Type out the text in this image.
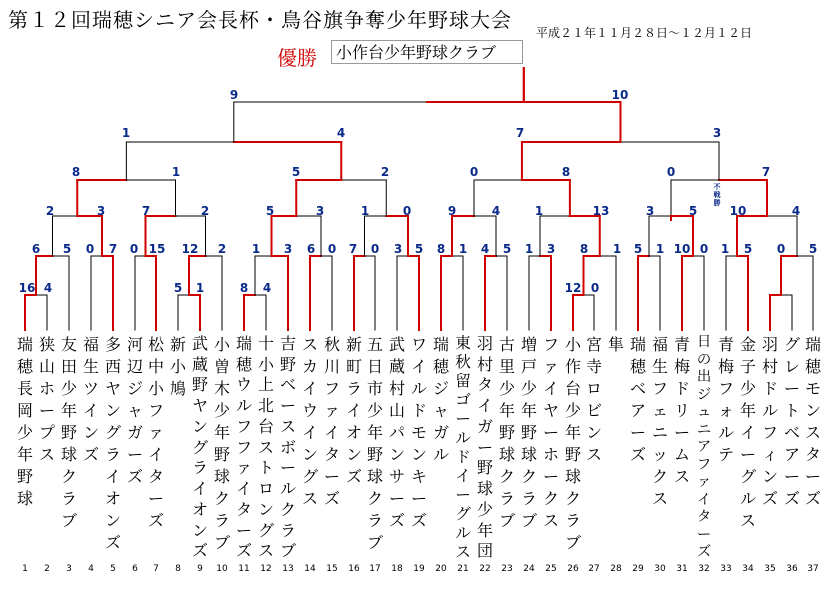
第１２回瑞穂シニア会長杯・鳥谷旗争奪少年野球大会
平成２１年１１月２８日～１２月１２日
優勝	小作台少年野球クラブ
瑞
穂
長
岡
少
年
野
球
1
狭
山
ホ
ー
プ
ス
2
友
田
少
年
野
球
ク
ラ
ブ
3
福
生
ツ
イ
ン
ズ
4
多
西
ヤ
ン
グ
ラ
イ
オ
ン
ズ
5
河
辺
ジ
ャ
ガ
ー
ズ
6
松
中
小
フ
ァ
イ
タ
ー
ズ
7
新
小
鳩
8
武
蔵
野
ヤ
ン
グ
ラ
イ
オ
ン
ズ
9
小
曽
木
少
年
野
球
ク
ラ
ブ
10
瑞
穂
ウ
ル
フ
フ
ァ
イ
タ
ー
ズ
11
十
小
上
北
台
ス
ト
ロ
ン
グ
ス
12
吉
野
ベ
ー
ス
ボ
ー
ル
ク
ラ
ブ
13
ス
カ
イ
ウ
イ
ン
グ
ス
14
秋
川
フ
ァ
イ
タ
ー
ズ
15
新
町
ラ
イ
オ
ン
ズ
16
五
日
市
少
年
野
球
ク
ラ
ブ
17
武
蔵
村
山
パ
ン
サ
ー
ズ
18
ワ
イ
ル
ド
モ
ン
キ
ー
ズ
19
瑞
穂
ジ
ャ
ガ
ル
20
東
秋
留
ゴ
ー
ル
ド
イ
ー
グ
ル
ス
21
羽
村
タ
イ
ガ
ー
野
球
少
年
団
22
古
里
少
年
野
球
ク
ラ
ブ
23
増
戸
少
年
野
球
ク
ラ
ブ
24
フ
ァ
イ
ヤ
ー
ホ
ー
ク
ス
25
小
作
台
少
年
野
球
ク
ラ
ブ
26
宮
寺
ロ
ビ
ン
ス
27
隼
28
瑞
穂
ベ
ア
ー
ズ
29
福
生
フ
ェ
ニ
ッ
ク
ス
30
青
梅
ド
リ
ー
ム
ス
31
日
の
出
ジ
ュ
ニ
ア
フ
ァ
イ
タ
ー
ズ
32
青
梅
フ
ォ
ル
テ
33
金
子
少
年
イ
ー
グ
ル
ス
34
羽
村
ド
ル
フ
ィ
ン
ズ
35
グ
レ
ー
ト
ベ
ア
ー
ズ
36
瑞
穂
モ
ン
ス
タ
ー
ズ
37
9	10
1	4	7	3
8	1	5	2	0	8	0	7
2	3	7	2	5	3	1	0	9	4	1	13	3	5	10	4
6	5	0	7	0 15	12	2	1	3	6	0	7	0	3	5	8	1	4	5	1	3	8	1	5	1 10 0	1	5	0	5
16 4	5	1	8	4	12 0
不
戦
勝
